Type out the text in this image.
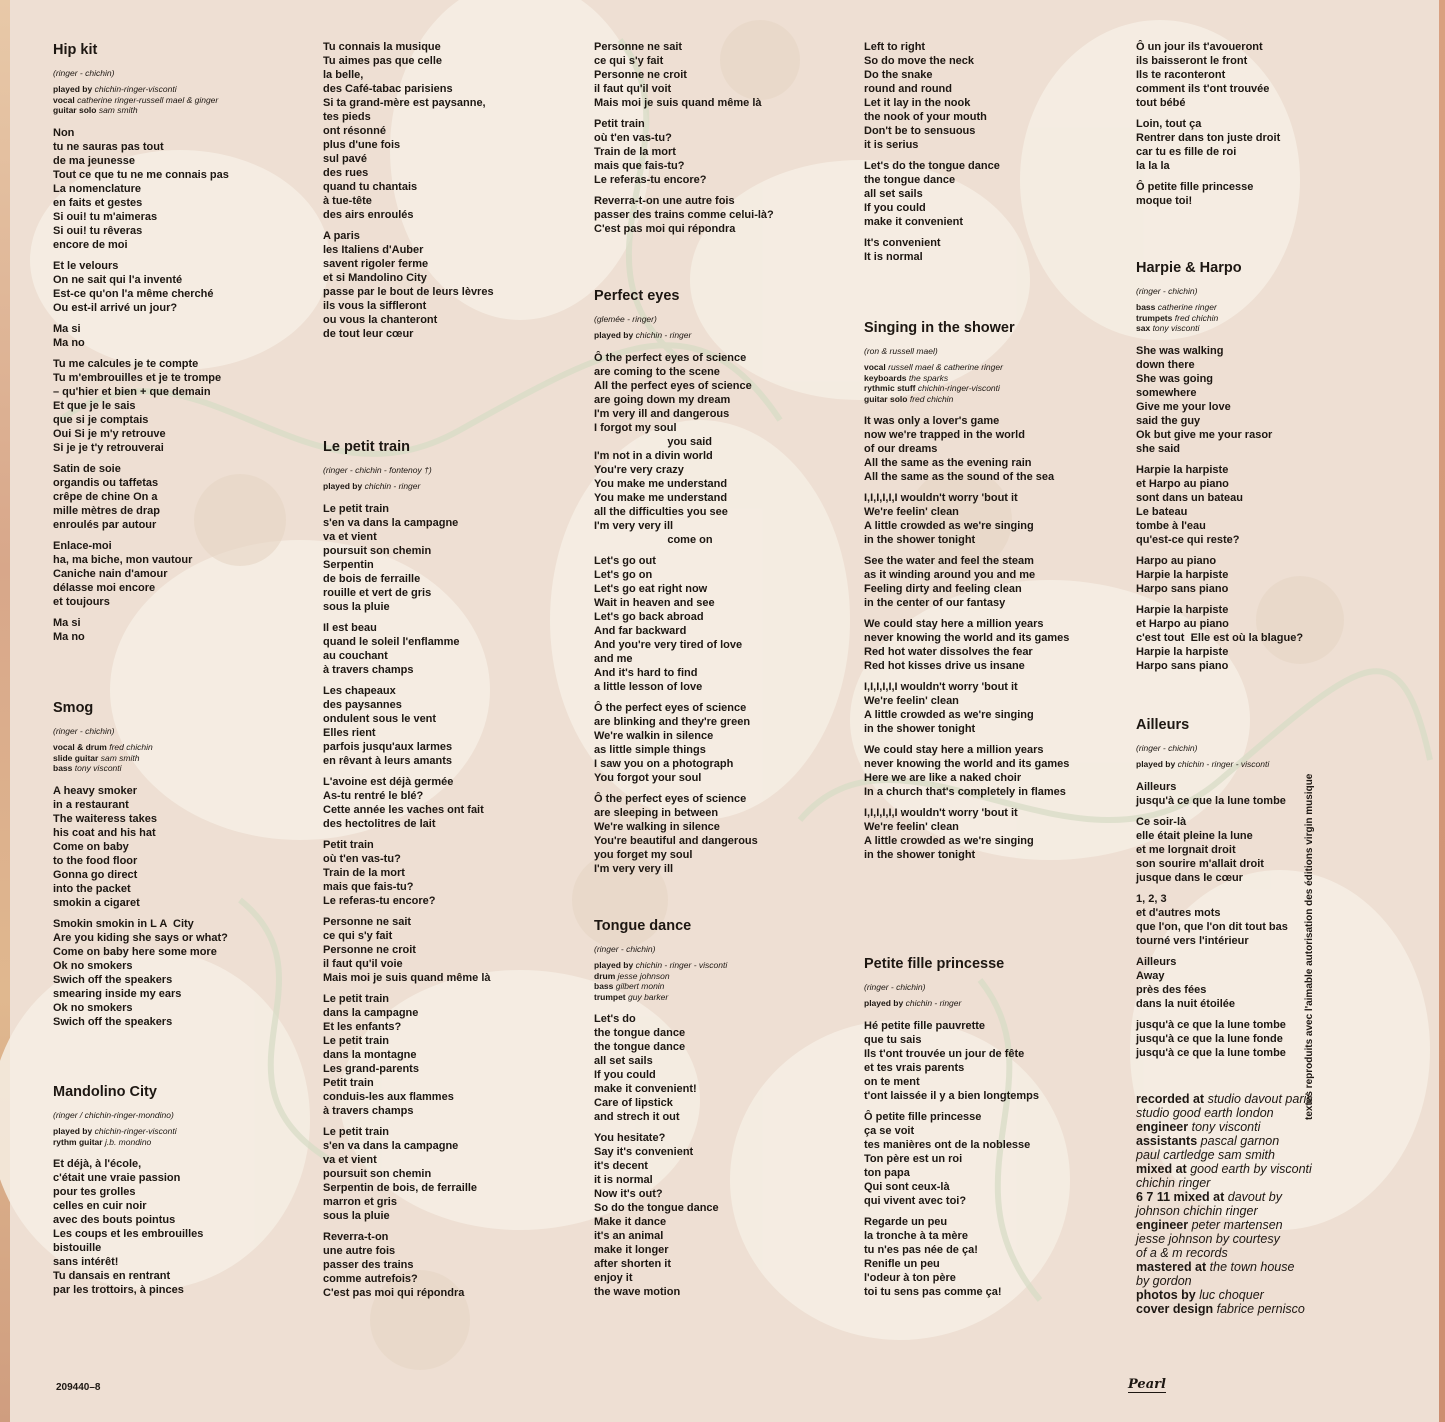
Hip kit
(ringer - chichin)
played by chichin-ringer-visconti
vocal catherine ringer-russell mael & ginger
guitar solo sam smith
Non
tu ne sauras pas tout
de ma jeunesse
Tout ce que tu ne me connais pas
La nomenclature
en faits et gestes
Si oui! tu m'aimeras
Si oui! tu rêveras
encore de moi
Et le velours
On ne sait qui l'a inventé
Est-ce qu'on l'a même cherché
Ou est-il arrivé un jour?
Ma si
Ma no
Tu me calcules je te compte
Tu m'embrouilles et je te trompe
– qu'hier et bien + que demain
Et que je le sais
que si je comptais
Oui Si je m'y retrouve
Si je je t'y retrouverai
Satin de soie
organdis ou taffetas
crêpe de chine On a
mille mètres de drap
enroulés par autour
Enlace-moi
ha, ma biche, mon vautour
Caniche nain d'amour
délasse moi encore
et toujours
Ma si
Ma no
Smog
(ringer - chichin)
vocal & drum fred chichin
slide guitar sam smith
bass tony visconti
A heavy smoker
in a restaurant
The waiteress takes
his coat and his hat
Come on baby
to the food floor
Gonna go direct
into the packet
smokin a cigaret
Smokin smokin in L A  City
Are you kiding she says or what?
Come on baby here some more
Ok no smokers
Swich off the speakers
smearing inside my ears
Ok no smokers
Swich off the speakers
Mandolino City
(ringer / chichin-ringer-mondino)
played by chichin-ringer-visconti
rythm guitar j.b. mondino
Et déjà, à l'école,
c'était une vraie passion
pour tes grolles
celles en cuir noir
avec des bouts pointus
Les coups et les embrouilles
bistouille
sans intérêt!
Tu dansais en rentrant
par les trottoirs, à pinces
Tu connais la musique
Tu aimes pas que celle
la belle,
des Café-tabac parisiens
Si ta grand-mère est paysanne,
tes pieds
ont résonné
plus d'une fois
sul pavé
des rues
quand tu chantais
à tue-tête
des airs enroulés
A paris
les Italiens d'Auber
savent rigoler ferme
et si Mandolino City
passe par le bout de leurs lèvres
ils vous la siffleront
ou vous la chanteront
de tout leur cœur
Le petit train
(ringer - chichin - fontenoy †)
played by chichin - ringer
Le petit train
s'en va dans la campagne
va et vient
poursuit son chemin
Serpentin
de bois de ferraille
rouille et vert de gris
sous la pluie
Il est beau
quand le soleil l'enflamme
au couchant
à travers champs
Les chapeaux
des paysannes
ondulent sous le vent
Elles rient
parfois jusqu'aux larmes
en rêvant à leurs amants
L'avoine est déjà germée
As-tu rentré le blé?
Cette année les vaches ont fait
des hectolitres de lait
Petit train
où t'en vas-tu?
Train de la mort
mais que fais-tu?
Le referas-tu encore?
Personne ne sait
ce qui s'y fait
Personne ne croit
il faut qu'il voie
Mais moi je suis quand même là
Le petit train
dans la campagne
Et les enfants?
Le petit train
dans la montagne
Les grand-parents
Petit train
conduis-les aux flammes
à travers champs
Le petit train
s'en va dans la campagne
va et vient
poursuit son chemin
Serpentin de bois, de ferraille
marron et gris
sous la pluie
Reverra-t-on
une autre fois
passer des trains
comme autrefois?
C'est pas moi qui répondra
Personne ne sait
ce qui s'y fait
Personne ne croit
il faut qu'il voit
Mais moi je suis quand même là
Petit train
où t'en vas-tu?
Train de la mort
mais que fais-tu?
Le referas-tu encore?
Reverra-t-on une autre fois
passer des trains comme celui-là?
C'est pas moi qui répondra
Perfect eyes
(glemée - ringer)
played by chichin - ringer
Ô the perfect eyes of science
are coming to the scene
All the perfect eyes of science
are going down my dream
I'm very ill and dangerous
I forgot my soul
you said
I'm not in a divin world
You're very crazy
You make me understand
You make me understand
all the difficulties you see
I'm very very ill
come on
Let's go out
Let's go on
Let's go eat right now
Wait in heaven and see
Let's go back abroad
And far backward
And you're very tired of love
and me
And it's hard to find
a little lesson of love
Ô the perfect eyes of science
are blinking and they're green
We're walkin in silence
as little simple things
I saw you on a photograph
You forgot your soul
Ô the perfect eyes of science
are sleeping in between
We're walking in silence
You're beautiful and dangerous
you forget my soul
I'm very very ill
Tongue dance
(ringer - chichin)
played by chichin - ringer - visconti
drum jesse johnson
bass gilbert monin
trumpet guy barker
Let's do
the tongue dance
the tongue dance
all set sails
If you could
make it convenient!
Care of lipstick
and strech it out
You hesitate?
Say it's convenient
it's decent
it is normal
Now it's out?
So do the tongue dance
Make it dance
it's an animal
make it longer
after shorten it
enjoy it
the wave motion
Left to right
So do move the neck
Do the snake
round and round
Let it lay in the nook
the nook of your mouth
Don't be to sensuous
it is serius
Let's do the tongue dance
the tongue dance
all set sails
If you could
make it convenient
It's convenient
It is normal
Singing in the shower
(ron & russell mael)
vocal russell mael & catherine ringer
keyboards the sparks
rythmic stuff chichin-ringer-visconti
guitar solo fred chichin
It was only a lover's game
now we're trapped in the world
of our dreams
All the same as the evening rain
All the same as the sound of the sea
I,I,I,I,I,I wouldn't worry 'bout it
We're feelin' clean
A little crowded as we're singing
in the shower tonight
See the water and feel the steam
as it winding around you and me
Feeling dirty and feeling clean
in the center of our fantasy
We could stay here a million years
never knowing the world and its games
Red hot water dissolves the fear
Red hot kisses drive us insane
I,I,I,I,I,I wouldn't worry 'bout it
We're feelin' clean
A little crowded as we're singing
in the shower tonight
We could stay here a million years
never knowing the world and its games
Here we are like a naked choir
In a church that's completely in flames
I,I,I,I,I,I wouldn't worry 'bout it
We're feelin' clean
A little crowded as we're singing
in the shower tonight
Petite fille princesse
(ringer - chichin)
played by chichin - ringer
Hé petite fille pauvrette
que tu sais
Ils t'ont trouvée un jour de fête
et tes vrais parents
on te ment
t'ont laissée il y a bien longtemps
Ô petite fille princesse
ça se voit
tes manières ont de la noblesse
Ton père est un roi
ton papa
Qui sont ceux-là
qui vivent avec toi?
Regarde un peu
la tronche à ta mère
tu n'es pas née de ça!
Renifle un peu
l'odeur à ton père
toi tu sens pas comme ça!
Ô un jour ils t'avoueront
ils baisseront le front
Ils te raconteront
comment ils t'ont trouvée
tout bébé
Loin, tout ça
Rentrer dans ton juste droit
car tu es fille de roi
la la la
Ô petite fille princesse
moque toi!
Harpie & Harpo
(ringer - chichin)
bass catherine ringer
trumpets fred chichin
sax tony visconti
She was walking
down there
She was going
somewhere
Give me your love
said the guy
Ok but give me your rasor
she said
Harpie la harpiste
et Harpo au piano
sont dans un bateau
Le bateau
tombe à l'eau
qu'est-ce qui reste?
Harpo au piano
Harpie la harpiste
Harpo sans piano
Harpie la harpiste
et Harpo au piano
c'est tout  Elle est où la blague?
Harpie la harpiste
Harpo sans piano
Ailleurs
(ringer - chichin)
played by chichin - ringer - visconti
Ailleurs
jusqu'à ce que la lune tombe
Ce soir-là
elle était pleine la lune
et me lorgnait droit
son sourire m'allait droit
jusque dans le cœur
1, 2, 3
et d'autres mots
que l'on, que l'on dit tout bas
tourné vers l'intérieur
Ailleurs
Away
près des fées
dans la nuit étoilée
jusqu'à ce que la lune tombe
jusqu'à ce que la lune fonde
jusqu'à ce que la lune tombe
recorded at studio davout paris
studio good earth london
engineer tony visconti
assistants pascal garnon
paul cartledge sam smith
mixed at good earth by visconti
chichin ringer
6 7 11 mixed at davout by
johnson chichin ringer
engineer peter martensen
jesse johnson by courtesy
of a & m records
mastered at the town house
by gordon
photos by luc choquer
cover design fabrice pernisco
209440–8
textes reproduits avec l'aimable autorisation des éditions virgin musique
Pearl
